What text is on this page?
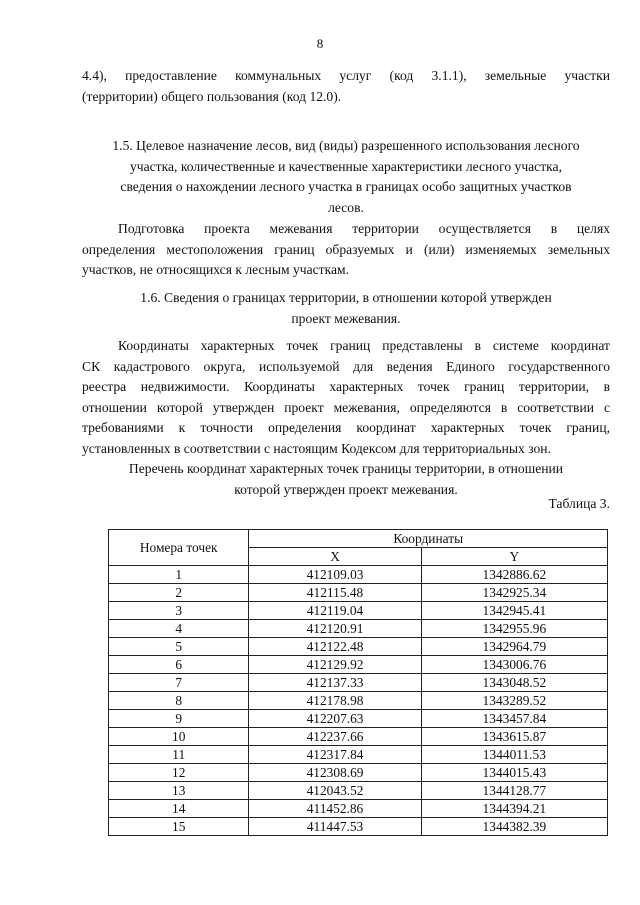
8
4.4), предоставление коммунальных услуг (код 3.1.1), земельные участки
(территории) общего пользования (код 12.0).
1.5. Целевое назначение лесов, вид (виды) разрешенного использования лесного
участка, количественные и качественные характеристики лесного участка,
сведения о нахождении лесного участка в границах особо защитных участков
лесов.
Подготовка проекта межевания территории осуществляется в целях
определения местоположения границ образуемых и (или) изменяемых земельных
участков, не относящихся к лесным участкам.
1.6. Сведения о границах территории, в отношении которой утвержден
проект межевания.
Координаты характерных точек границ представлены в системе координат
СК кадастрового округа, используемой для ведения Единого государственного
реестра недвижимости. Координаты характерных точек границ территории, в
отношении которой утвержден проект межевания, определяются в соответствии с
требованиями к точности определения координат характерных точек границ,
установленных в соответствии с настоящим Кодексом для территориальных зон.
Перечень координат характерных точек границы территории, в отношении
которой утвержден проект межевания.
Таблица 3.
Номера точек	Координаты	
	X	Y
1	412109.03	1342886.62
2	412115.48	1342925.34
3	412119.04	1342945.41
4	412120.91	1342955.96
5	412122.48	1342964.79
6	412129.92	1343006.76
7	412137.33	1343048.52
8	412178.98	1343289.52
9	412207.63	1343457.84
10	412237.66	1343615.87
11	412317.84	1344011.53
12	412308.69	1344015.43
13	412043.52	1344128.77
14	411452.86	1344394.21
15	411447.53	1344382.39
